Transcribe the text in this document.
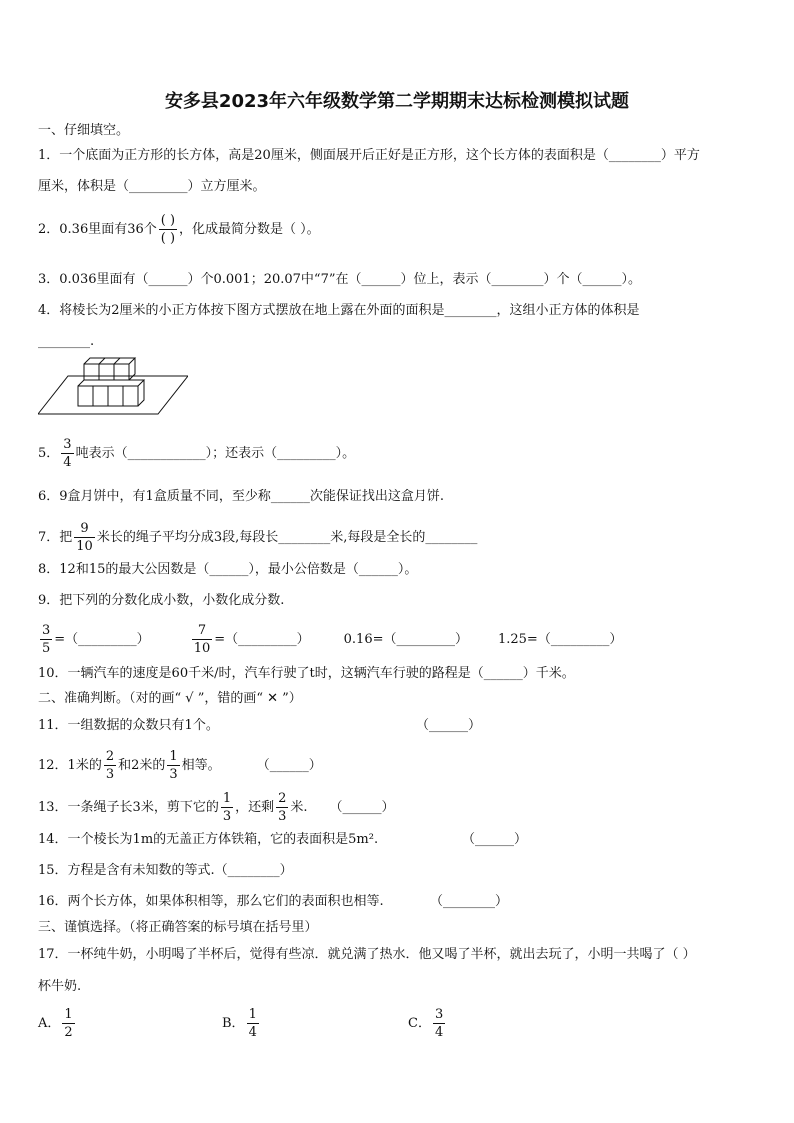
安多县2023年六年级数学第二学期期末达标检测模拟试题
一、仔细填空。
1．一个底面为正方形的长方体，高是20厘米，侧面展开后正好是正方形，这个长方体的表面积是（________）平方
厘米，体积是（_________）立方厘米。
2．0.36里面有36个 $\frac{( )}{( )}$ ，化成最简分数是（ ）。
3．0.036里面有（______）个0.001；20.07中“7”在（______）位上，表示（________）个（______）。
4．将棱长为2厘米的小正方体按下图方式摆放在地上露在外面的面积是________，这组小正方体的体积是
________.
5． $\frac{3}{4}$ 吨表示（____________）；还表示（_________）。
6．9盒月饼中，有1盒质量不同，至少称______次能保证找出这盒月饼.
7．把 $\frac{9}{10}$ 米长的绳子平均分成3段,每段长________米,每段是全长的________
8．12和15的最大公因数是（______），最小公倍数是（______）。
9．把下列的分数化成小数，小数化成分数.
$\frac{3}{5}$ =（_________）	$\frac{7}{10}$ =（_________）	0.16=（_________） 1.25=（_________）
10．一辆汽车的速度是60千米/时，汽车行驶了t时，这辆汽车行驶的路程是（______）千米。
二、准确判断。（对的画“ √ ”，错的画“ ✕ ”）
11．一组数据的众数只有1个。	（______）
12．1米的 $\frac{2}{3}$ 和2米的 $\frac{1}{3}$ 相等。	（______）
13．一条绳子长3米，剪下它的 $\frac{1}{3}$ ，还剩 $\frac{2}{3}$ 米. （______）
14．一个棱长为1m的无盖正方体铁箱，它的表面积是5m².	（______）
15．方程是含有未知数的等式.（________）
16．两个长方体，如果体积相等，那么它们的表面积也相等.	（________）
三、谨慎选择。（将正确答案的标号填在括号里）
17．一杯纯牛奶，小明喝了半杯后，觉得有些凉．就兑满了热水．他又喝了半杯，就出去玩了，小明一共喝了（ ）
杯牛奶.
A． $\frac{1}{2}$	B． $\frac{1}{4}$	C． $\frac{3}{4}$
